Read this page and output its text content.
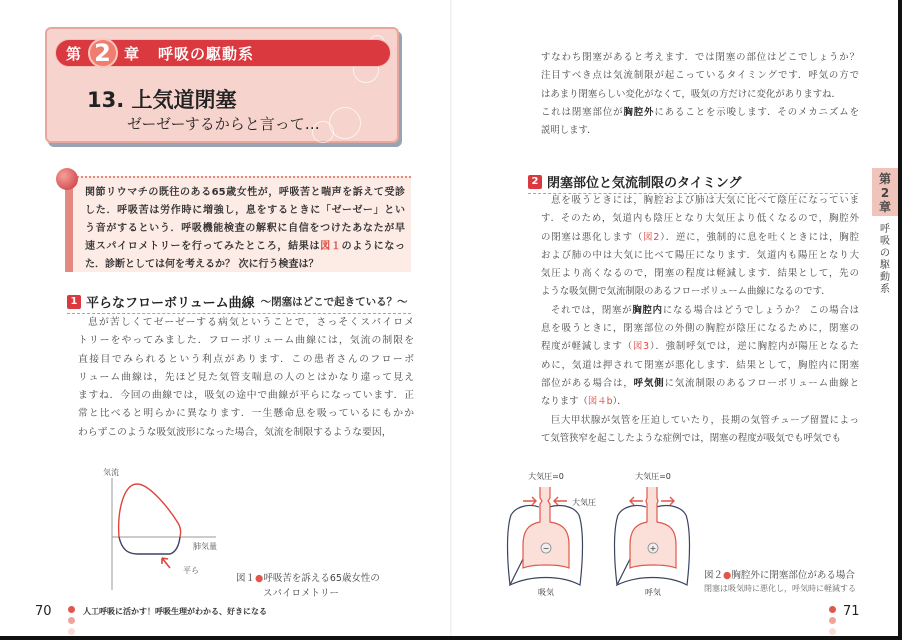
第 2 章 呼吸の駆動系
13. 上気道閉塞
ゼーゼーするからと言って…
関節リウマチの既往のある65歳女性が，呼吸苦と喘声を訴えて受診
した．呼吸苦は労作時に増強し，息をするときに「ゼーゼー」とい
う音がするという．呼吸機能検査の解釈に自信をつけたあなたが早
速スパイロメトリーを行ってみたところ，結果は図１のようになっ
た．診断としては何を考えるか？ 次に行う検査は？
1 平らなフローボリューム曲線 〜閉塞はどこで起きている？〜
息が苦しくてゼーゼーする病気ということで，さっそくスパイロメ
トリーをやってみました．フローボリューム曲線には，気流の制限を
直接目でみられるという利点があります．この患者さんのフローボ
リューム曲線は，先ほど見た気管支喘息の人のとはかなり違って見え
ますね．今回の曲線では，吸気の途中で曲線が平らになっています．正
常と比べると明らかに異なります．一生懸命息を吸っているにもかか
わらずこのような吸気波形になった場合，気流を制限するような要因，
すなわち閉塞があると考えます．では閉塞の部位はどこでしょうか？
注目すべき点は気流制限が起こっているタイミングです．呼気の方で
はあまり閉塞らしい変化がなくて，吸気の方だけに変化がありますね．
これは閉塞部位が胸腔外にあることを示唆します．そのメカニズムを
説明します．
2 閉塞部位と気流制限のタイミング
息を吸うときには，胸腔および肺は大気に比べて陰圧になっていま
す．そのため，気道内も陰圧となり大気圧より低くなるので，胸腔外
の閉塞は悪化します（図2）．逆に，強制的に息を吐くときには，胸腔
および肺の中は大気に比べて陽圧になります．気道内も陽圧となり大
気圧より高くなるので，閉塞の程度は軽減します．結果として，先の
ような吸気側で気流制限のあるフローボリューム曲線になるのです．
それでは，閉塞が胸腔内になる場合はどうでしょうか？ この場合は
息を吸うときに，閉塞部位の外側の胸腔が陰圧になるために，閉塞の
程度が軽減します（図3）．強制呼気では，逆に胸腔内が陽圧となるた
めに，気道は押されて閉塞が悪化します．結果として，胸腔内に閉塞
部位がある場合は，呼気側に気流制限のあるフローボリューム曲線と
なります（図４b）．
巨大甲状腺が気管を圧迫していたり，長期の気管チューブ留置によっ
て気管狭窄を起こしたような症例では，閉塞の程度が吸気でも呼気でも
気流
肺気量
平ら
図１●呼吸苦を訴える65歳女性の
スパイロメトリー
大気圧=0
大気圧
−
吸気
大気圧=0
+
呼気
図２●胸腔外に閉塞部位がある場合
閉塞は吸気時に悪化し，呼気時に軽減する
70	人工呼吸に活かす！呼吸生理がわかる、好きになる	71
第2章
呼吸の駆動系
